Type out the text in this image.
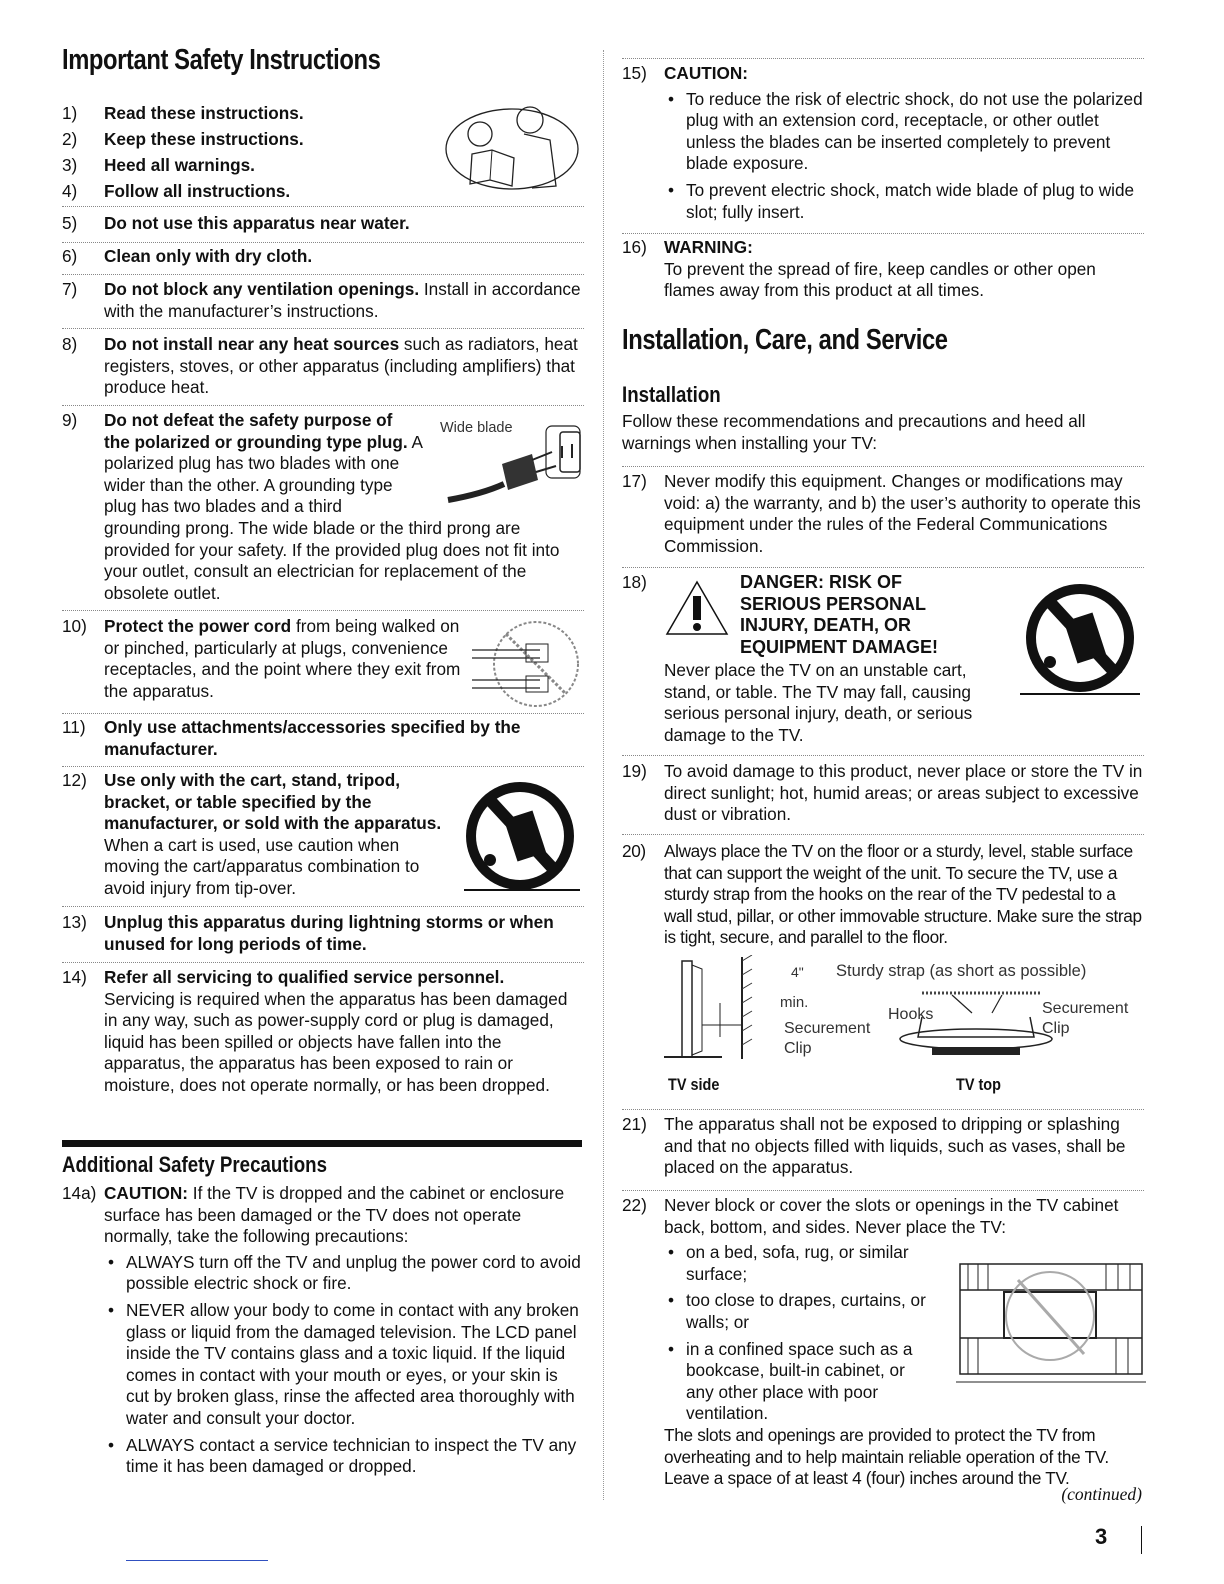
Important Safety Instructions
1) Read these instructions.
2) Keep these instructions.
3) Heed all warnings.
4) Follow all instructions.
5) Do not use this apparatus near water.
6) Clean only with dry cloth.
7) Do not block any ventilation openings. Install in accordance with the manufacturer’s instructions.
8) Do not install near any heat sources such as radiators, heat registers, stoves, or other apparatus (including amplifiers) that produce heat.
9) Do not defeat the safety purpose of the polarized or grounding type plug. A polarized plug has two blades with one wider than the other. A grounding type plug has two blades and a third grounding prong. The wide blade or the third prong are provided for your safety. If the provided plug does not fit into your outlet, consult an electrician for replacement of the obsolete outlet.
Wide blade
10) Protect the power cord from being walked on or pinched, particularly at plugs, convenience receptacles, and the point where they exit from the apparatus.
11) Only use attachments/accessories specified by the manufacturer.
12) Use only with the cart, stand, tripod, bracket, or table specified by the manufacturer, or sold with the apparatus. When a cart is used, use caution when moving the cart/apparatus combination to avoid injury from tip-over.
13) Unplug this apparatus during lightning storms or when unused for long periods of time.
14) Refer all servicing to qualified service personnel.
Servicing is required when the apparatus has been damaged in any way, such as power-supply cord or plug is damaged, liquid has been spilled or objects have fallen into the apparatus, the apparatus has been exposed to rain or moisture, does not operate normally, or has been dropped.
Additional Safety Precautions
14a) CAUTION: If the TV is dropped and the cabinet or enclosure surface has been damaged or the TV does not operate normally, take the following precautions:
• ALWAYS turn off the TV and unplug the power cord to avoid possible electric shock or fire.
• NEVER allow your body to come in contact with any broken glass or liquid from the damaged television. The LCD panel inside the TV contains glass and a toxic liquid. If the liquid comes in contact with your mouth or eyes, or your skin is cut by broken glass, rinse the affected area thoroughly with water and consult your doctor.
• ALWAYS contact a service technician to inspect the TV any time it has been damaged or dropped.
15) CAUTION:
• To reduce the risk of electric shock, do not use the polarized plug with an extension cord, receptacle, or other outlet unless the blades can be inserted completely to prevent blade exposure.
• To prevent electric shock, match wide blade of plug to wide slot; fully insert.
16) WARNING:
To prevent the spread of fire, keep candles or other open flames away from this product at all times.
Installation, Care, and Service
Installation
Follow these recommendations and precautions and heed all warnings when installing your TV:
17) Never modify this equipment. Changes or modifications may void: a) the warranty, and b) the user’s authority to operate this equipment under the rules of the Federal Communications Commission.
18)	DANGER: RISK OF SERIOUS PERSONAL INJURY, DEATH, OR EQUIPMENT DAMAGE!
Never place the TV on an unstable cart, stand, or table. The TV may fall, causing serious personal injury, death, or serious damage to the TV.
19) To avoid damage to this product, never place or store the TV in direct sunlight; hot, humid areas; or areas subject to excessive dust or vibration.
20) Always place the TV on the floor or a sturdy, level, stable surface that can support the weight of the unit. To secure the TV, use a sturdy strap from the hooks on the rear of the TV pedestal to a wall stud, pillar, or other immovable structure. Make sure the strap is tight, secure, and parallel to the floor.
4"
min.
Securement Clip
Sturdy strap (as short as possible)
Hooks	Securement Clip
TV side	TV top
21) The apparatus shall not be exposed to dripping or splashing and that no objects filled with liquids, such as vases, shall be placed on the apparatus.
22) Never block or cover the slots or openings in the TV cabinet back, bottom, and sides. Never place the TV:
• on a bed, sofa, rug, or similar surface;
• too close to drapes, curtains, or walls; or
• in a confined space such as a bookcase, built-in cabinet, or any other place with poor ventilation.
The slots and openings are provided to protect the TV from overheating and to help maintain reliable operation of the TV. Leave a space of at least 4 (four) inches around the TV.
(continued)
3
